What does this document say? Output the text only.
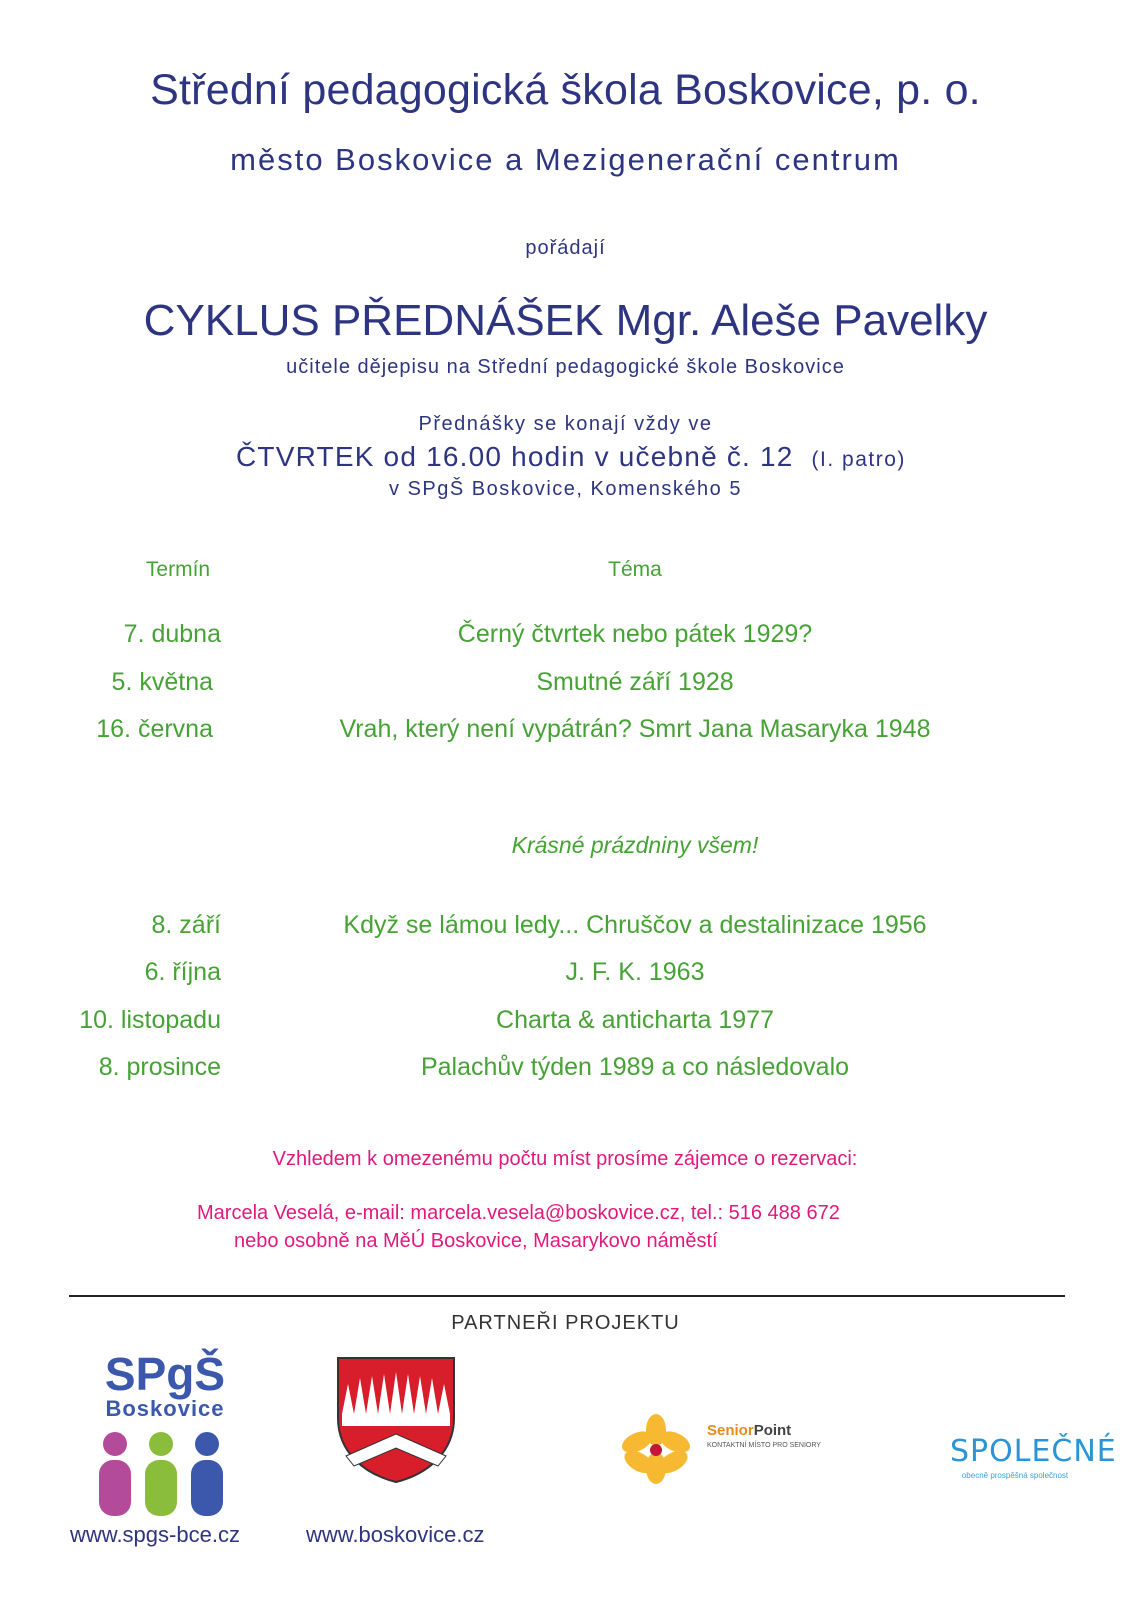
Střední pedagogická škola Boskovice, p. o.
město Boskovice a Mezigenerační centrum
pořádají
CYKLUS PŘEDNÁŠEK Mgr. Aleše Pavelky
učitele dějepisu na Střední pedagogické škole Boskovice
Přednášky se konají vždy ve
ČTVRTEK od 16.00 hodin v učebně č. 12 (I. patro)
v SPgŠ Boskovice, Komenského 5
Termín	Téma
7. dubna	Černý čtvrtek nebo pátek 1929?
5. května	Smutné září 1928
16. června	Vrah, který není vypátrán? Smrt Jana Masaryka 1948
Krásné prázdniny všem!
8. září	Když se lámou ledy... Chruščov a destalinizace 1956
6. října	J. F. K. 1963
10. listopadu	Charta & anticharta 1977
8. prosince	Palachův týden 1989 a co následovalo
Vzhledem k omezenému počtu míst prosíme zájemce o rezervaci:
Marcela Veselá, e-mail: marcela.vesela@boskovice.cz, tel.: 516 488 672
nebo osobně na MěÚ Boskovice, Masarykovo náměstí
PARTNEŘI PROJEKTU
SPgŠ
Boskovice
www.spgs-bce.cz	www.boskovice.cz
SeniorPoint
KONTAKTNÍ MÍSTO PRO SENIORY	SPOLEČNÉ
obecně prospěšná společnost
